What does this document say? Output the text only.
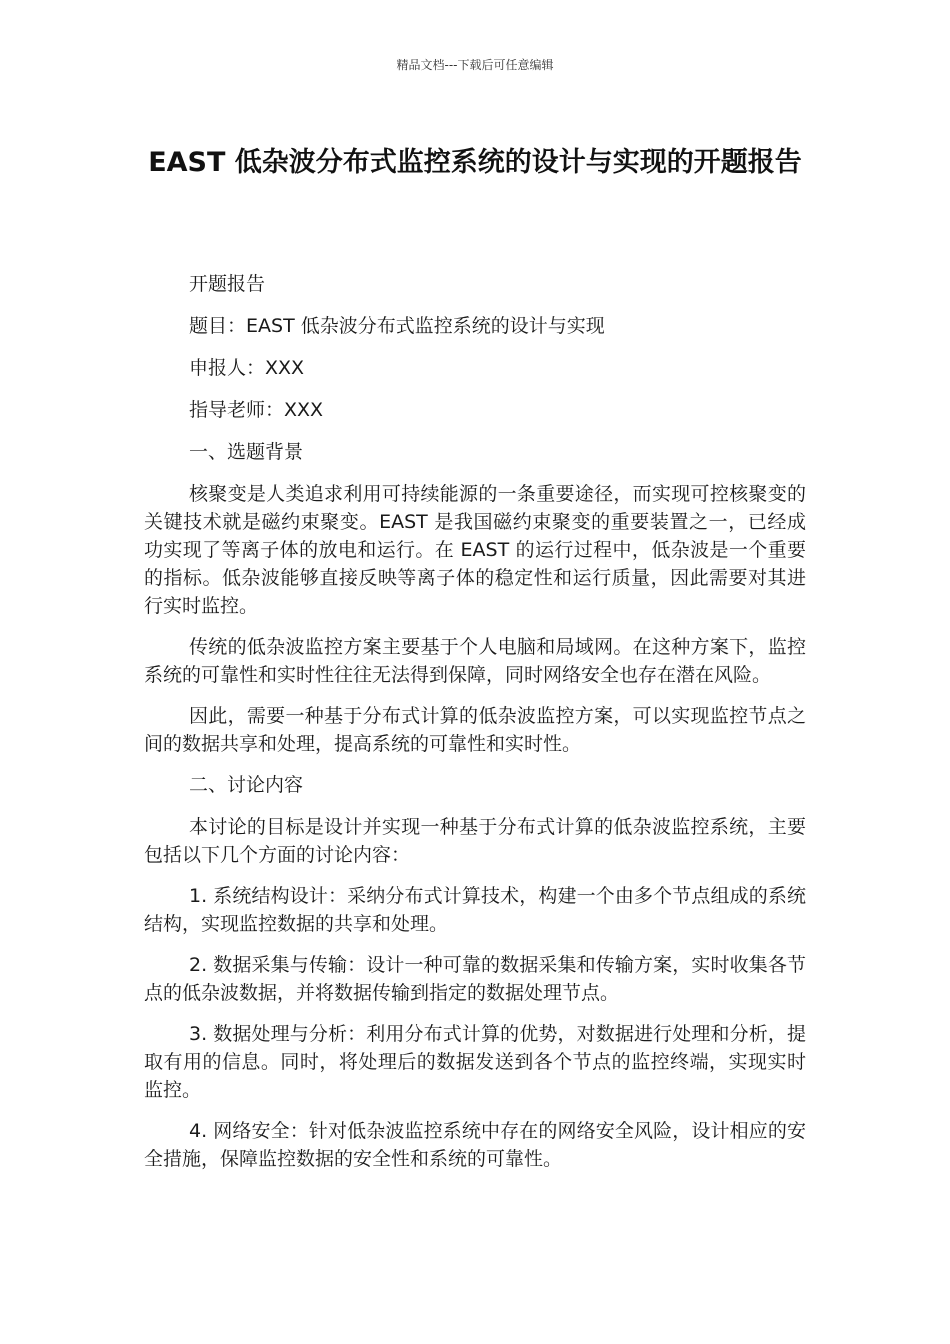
精品文档---下载后可任意编辑
EAST 低杂波分布式监控系统的设计与实现的开题报告

开题报告

题目：EAST 低杂波分布式监控系统的设计与实现

申报人：XXX

指导老师：XXX

一、选题背景

核聚变是人类追求利用可持续能源的一条重要途径，而实现可控核聚变的关键技术就是磁约束聚变。EAST 是我国磁约束聚变的重要装置之一，已经成功实现了等离子体的放电和运行。在 EAST 的运行过程中，低杂波是一个重要的指标。低杂波能够直接反映等离子体的稳定性和运行质量，因此需要对其进行实时监控。

传统的低杂波监控方案主要基于个人电脑和局域网。在这种方案下，监控系统的可靠性和实时性往往无法得到保障，同时网络安全也存在潜在风险。

因此，需要一种基于分布式计算的低杂波监控方案，可以实现监控节点之间的数据共享和处理，提高系统的可靠性和实时性。

二、讨论内容

本讨论的目标是设计并实现一种基于分布式计算的低杂波监控系统，主要包括以下几个方面的讨论内容：

1. 系统结构设计：采纳分布式计算技术，构建一个由多个节点组成的系统结构，实现监控数据的共享和处理。

2. 数据采集与传输：设计一种可靠的数据采集和传输方案，实时收集各节点的低杂波数据，并将数据传输到指定的数据处理节点。

3. 数据处理与分析：利用分布式计算的优势，对数据进行处理和分析，提取有用的信息。同时，将处理后的数据发送到各个节点的监控终端，实现实时监控。

4. 网络安全：针对低杂波监控系统中存在的网络安全风险，设计相应的安全措施，保障监控数据的安全性和系统的可靠性。
